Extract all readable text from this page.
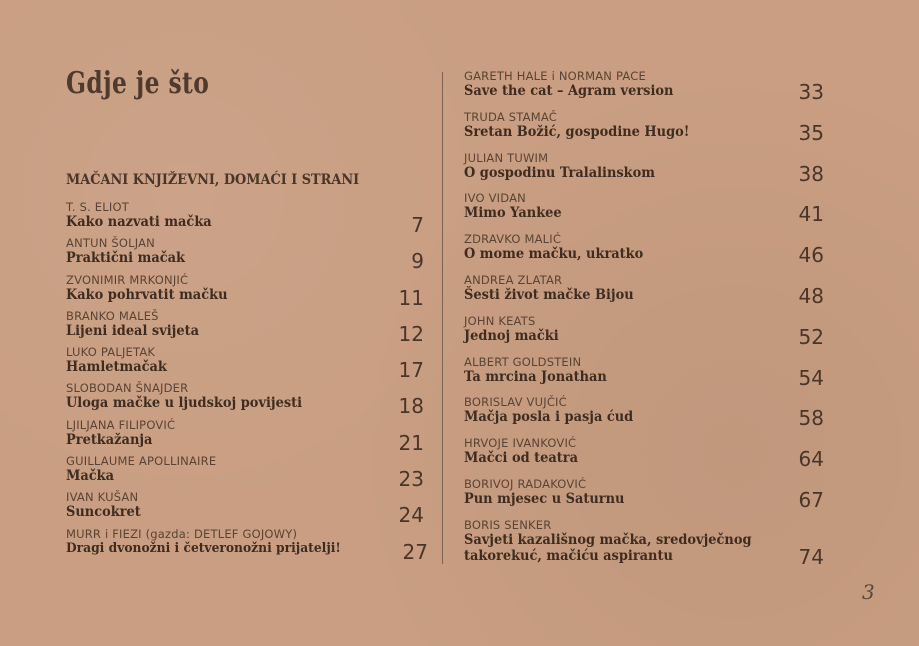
Gdje je što
MAČANI KNJIŽEVNI, DOMAĆI I STRANI
T. S. ELIOT
Kako nazvati mačka	7
ANTUN ŠOLJAN
Praktični mačak	9
ZVONIMIR MRKONJIĆ
Kako pohrvatit mačku	11
BRANKO MALEŠ
Lijeni ideal svijeta	12
LUKO PALJETAK
Hamletmačak	17
SLOBODAN ŠNAJDER
Uloga mačke u ljudskoj povijesti	18
LJILJANA FILIPOVIĆ
Pretkažanja	21
GUILLAUME APOLLINAIRE
Mačka	23
IVAN KUŠAN
Suncokret	24
MURR i FIEZI (gazda: DETLEF GOJOWY)
Dragi dvonožni i četveronožni prijatelji!	27
GARETH HALE i NORMAN PACE
Save the cat – Agram version	33
TRUDA STAMAČ
Sretan Božić, gospodine Hugo!	35
JULIAN TUWIM
O gospodinu Tralalinskom	38
IVO VIDAN
Mimo Yankee	41
ZDRAVKO MALIĆ
O mome mačku, ukratko	46
ANDREA ZLATAR
Šesti život mačke Bijou	48
JOHN KEATS
Jednoj mački	52
ALBERT GOLDSTEIN
Ta mrcina Jonathan	54
BORISLAV VUJČIĆ
Mačja posla i pasja ćud	58
HRVOJE IVANKOVIĆ
Mačci od teatra	64
BORIVOJ RADAKOVIĆ
Pun mjesec u Saturnu	67
BORIS SENKER
Savjeti kazališnog mačka, sredovječnog
takorekuć, mačiću aspirantu	74
3
